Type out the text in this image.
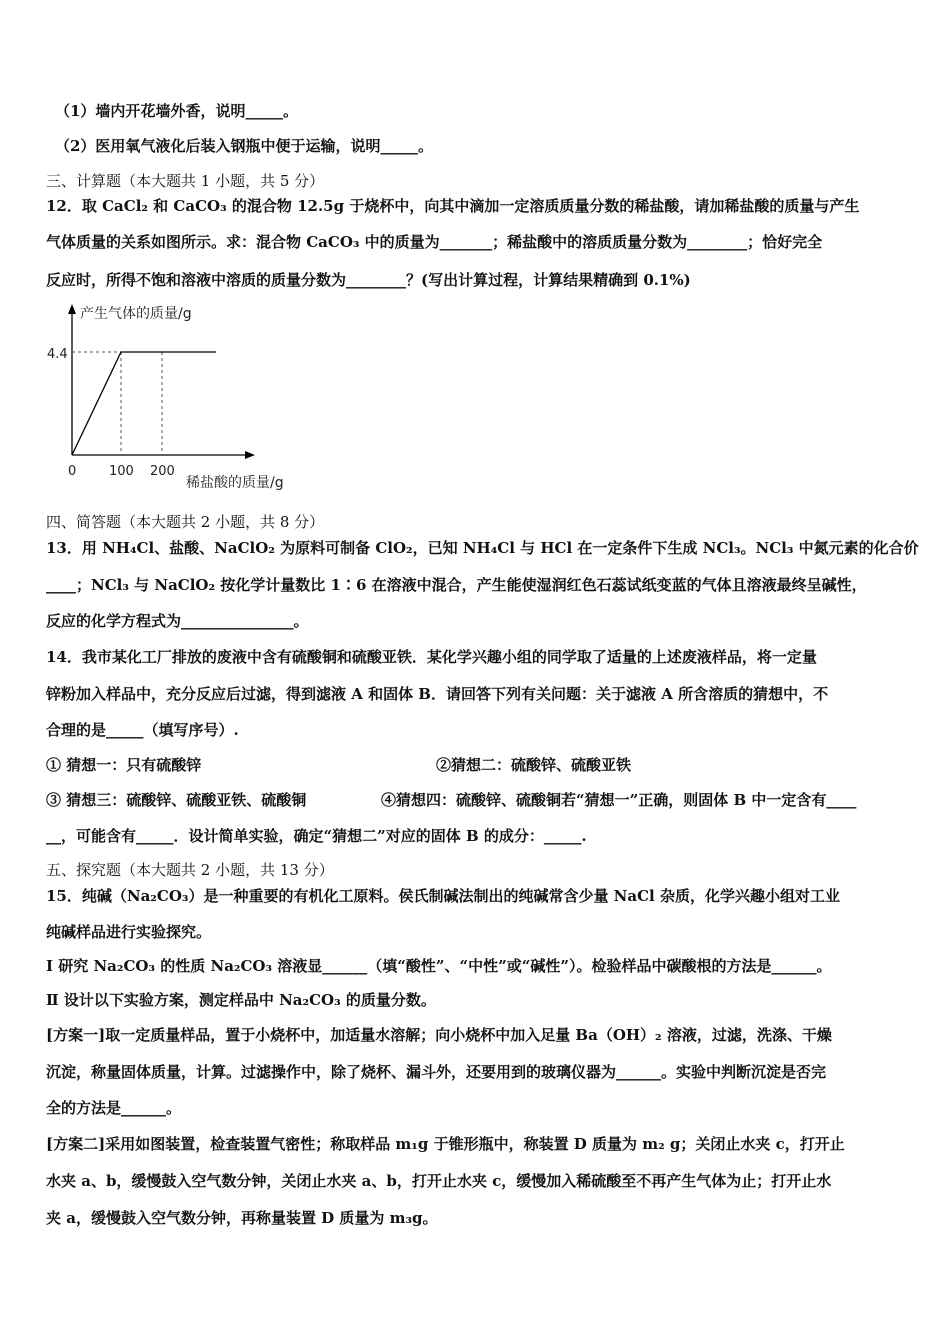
（1）墙内开花墙外香，说明_____。
（2）医用氧气液化后装入钢瓶中便于运输，说明_____。
三、计算题（本大题共 1 小题，共 5 分）
12．取 CaCl₂ 和 CaCO₃ 的混合物 12.5g 于烧杯中，向其中滴加一定溶质质量分数的稀盐酸，请加稀盐酸的质量与产生
气体质量的关系如图所示。求：混合物 CaCO₃ 中的质量为_______；稀盐酸中的溶质质量分数为________；恰好完全
反应时，所得不饱和溶液中溶质的质量分数为________？(写出计算过程，计算结果精确到 0.1%)
产生气体的质量/g
稀盐酸的质量/g
4.4
0	100 200
四、简答题（本大题共 2 小题，共 8 分）
13．用 NH₄Cl、盐酸、NaClO₂ 为原料可制备 ClO₂，已知 NH₄Cl 与 HCl 在一定条件下生成 NCl₃。NCl₃ 中氮元素的化合价
____；NCl₃ 与 NaClO₂ 按化学计量数比 1∶6 在溶液中混合，产生能使湿润红色石蕊试纸变蓝的气体且溶液最终呈碱性，
反应的化学方程式为_______________。
14．我市某化工厂排放的废液中含有硫酸铜和硫酸亚铁．某化学兴趣小组的同学取了适量的上述废液样品，将一定量
锌粉加入样品中，充分反应后过滤，得到滤液 A 和固体 B．请回答下列有关问题：关于滤液 A 所含溶质的猜想中，不
合理的是_____（填写序号）.
① 猜想一：只有硫酸锌	②猜想二：硫酸锌、硫酸亚铁
③ 猜想三：硫酸锌、硫酸亚铁、硫酸铜	④猜想四：硫酸锌、硫酸铜若“猜想一”正确，则固体 B 中一定含有____
__，可能含有_____．设计简单实验，确定“猜想二”对应的固体 B 的成分：_____.
五、探究题（本大题共 2 小题，共 13 分）
15．纯碱（Na₂CO₃）是一种重要的有机化工原料。侯氏制碱法制出的纯碱常含少量 NaCl 杂质，化学兴趣小组对工业
纯碱样品进行实验探究。
Ⅰ 研究 Na₂CO₃ 的性质 Na₂CO₃ 溶液显______（填“酸性”、“中性”或“碱性”）。检验样品中碳酸根的方法是______。
Ⅱ 设计以下实验方案，测定样品中 Na₂CO₃ 的质量分数。
[方案一]取一定质量样品，置于小烧杯中，加适量水溶解；向小烧杯中加入足量 Ba（OH）₂ 溶液，过滤，洗涤、干燥
沉淀，称量固体质量，计算。过滤操作中，除了烧杯、漏斗外，还要用到的玻璃仪器为______。实验中判断沉淀是否完
全的方法是______。
[方案二]采用如图装置，检查装置气密性；称取样品 m₁g 于锥形瓶中，称装置 D 质量为 m₂ g；关闭止水夹 c，打开止
水夹 a、b，缓慢鼓入空气数分钟，关闭止水夹 a、b，打开止水夹 c，缓慢加入稀硫酸至不再产生气体为止；打开止水
夹 a，缓慢鼓入空气数分钟，再称量装置 D 质量为 m₃g。
